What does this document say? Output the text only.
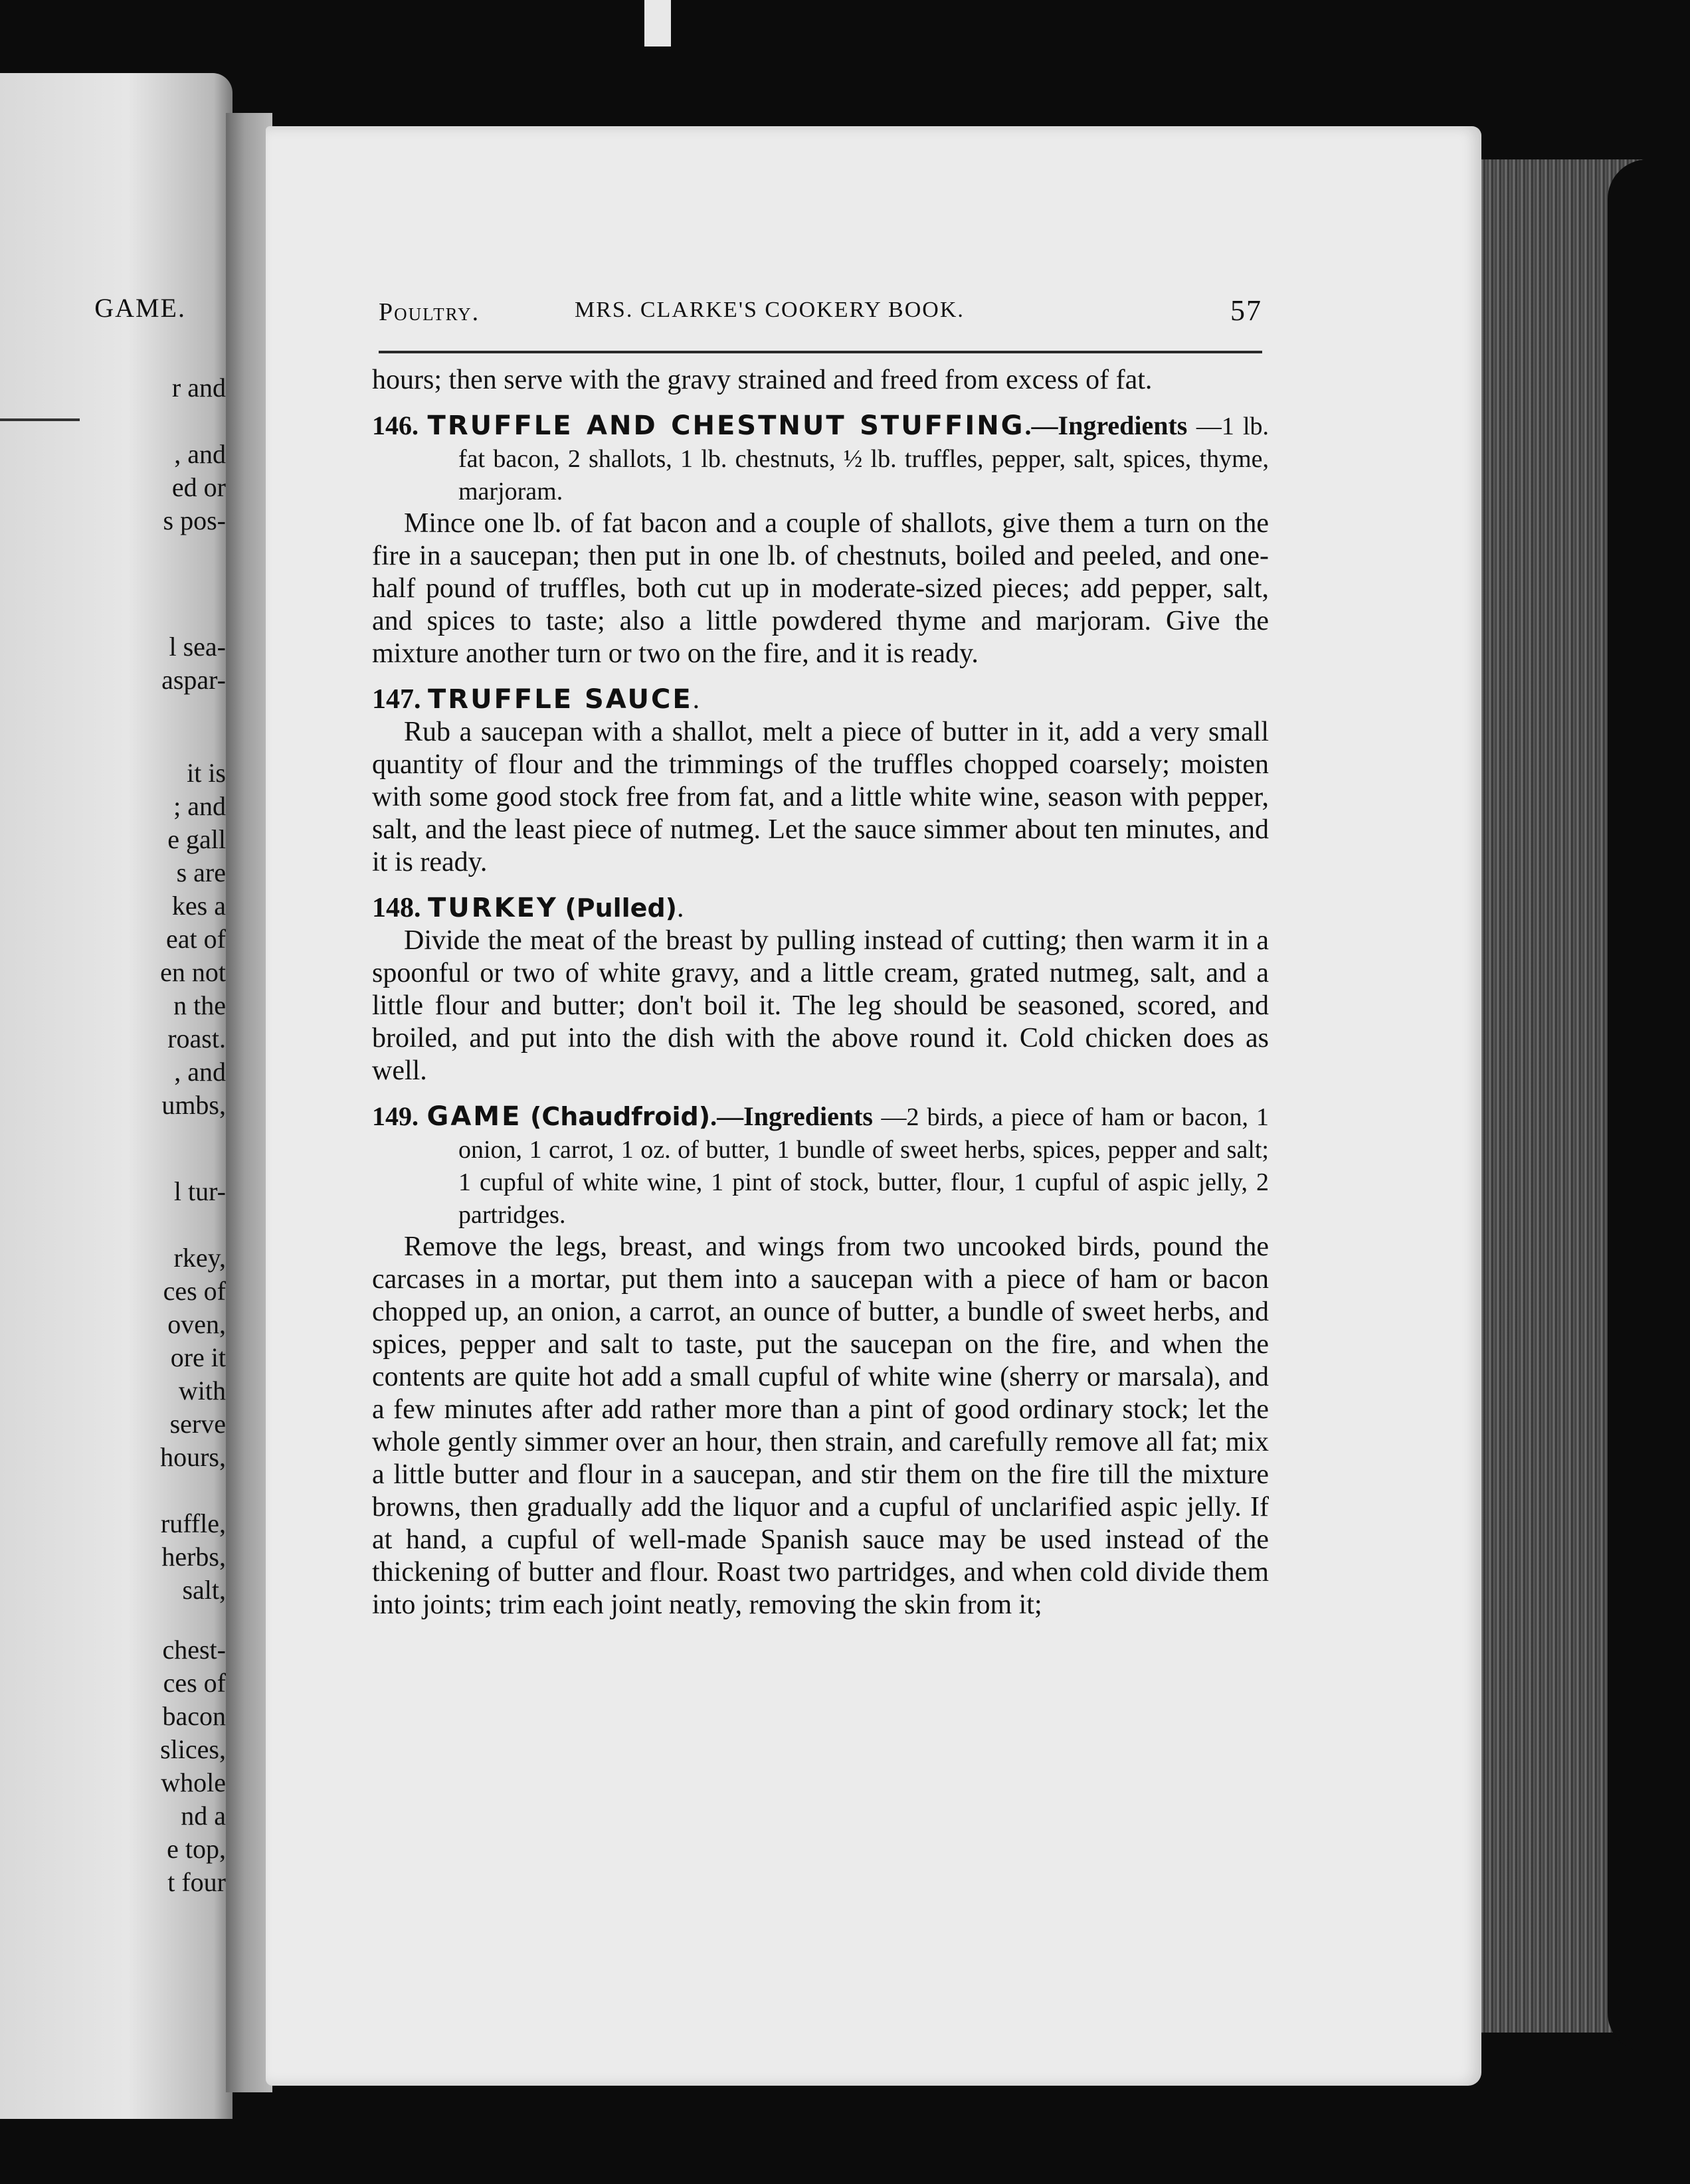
GAME.
r and
, and
ed or
s pos-
l sea-
aspar-
it is
; and
e gall
s are
kes a
eat of
en not
n the
roast.
, and
umbs,
l tur-
rkey,
ces of
oven,
ore it
with
serve
hours,
ruffle,
herbs,
salt,
chest-
ces of
bacon
slices,
whole
nd a
e top,
t four
Poultry.	MRS. CLARKE'S COOKERY BOOK.	57

hours; then serve with the gravy strained and freed from excess of fat.

146. TRUFFLE AND CHESTNUT STUFFING.—Ingredients —1 lb. fat bacon, 2 shallots, 1 lb. chestnuts, ½ lb. truffles, pepper, salt, spices, thyme, marjoram.

Mince one lb. of fat bacon and a couple of shallots, give them a turn on the fire in a saucepan; then put in one lb. of chestnuts, boiled and peeled, and one-half pound of truffles, both cut up in moderate-sized pieces; add pepper, salt, and spices to taste; also a little powdered thyme and marjoram. Give the mixture another turn or two on the fire, and it is ready.

147. TRUFFLE SAUCE.

Rub a saucepan with a shallot, melt a piece of butter in it, add a very small quantity of flour and the trimmings of the truffles chopped coarsely; moisten with some good stock free from fat, and a little white wine, season with pepper, salt, and the least piece of nutmeg. Let the sauce simmer about ten minutes, and it is ready.

148. TURKEY (Pulled).

Divide the meat of the breast by pulling instead of cutting; then warm it in a spoonful or two of white gravy, and a little cream, grated nutmeg, salt, and a little flour and butter; don't boil it. The leg should be seasoned, scored, and broiled, and put into the dish with the above round it. Cold chicken does as well.

149. GAME (Chaudfroid).—Ingredients —2 birds, a piece of ham or bacon, 1 onion, 1 carrot, 1 oz. of butter, 1 bundle of sweet herbs, spices, pepper and salt; 1 cupful of white wine, 1 pint of stock, butter, flour, 1 cupful of aspic jelly, 2 partridges.

Remove the legs, breast, and wings from two uncooked birds, pound the carcases in a mortar, put them into a saucepan with a piece of ham or bacon chopped up, an onion, a carrot, an ounce of butter, a bundle of sweet herbs, and spices, pepper and salt to taste, put the saucepan on the fire, and when the contents are quite hot add a small cupful of white wine (sherry or marsala), and a few minutes after add rather more than a pint of good ordinary stock; let the whole gently simmer over an hour, then strain, and carefully remove all fat; mix a little butter and flour in a saucepan, and stir them on the fire till the mixture browns, then gradually add the liquor and a cupful of unclarified aspic jelly. If at hand, a cupful of well-made Spanish sauce may be used instead of the thickening of butter and flour. Roast two partridges, and when cold divide them into joints; trim each joint neatly, removing the skin from it;
